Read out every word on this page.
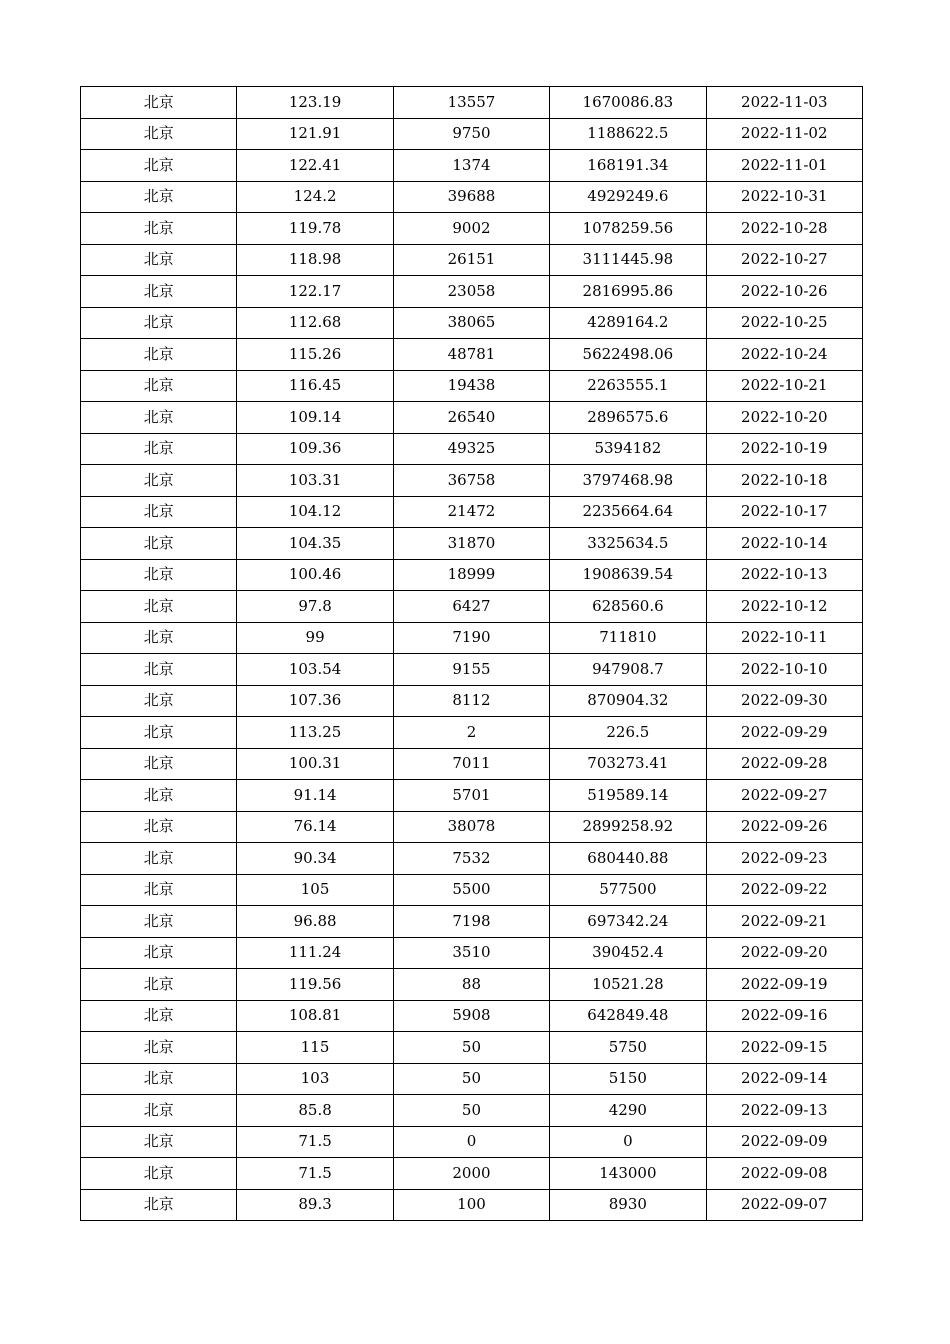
北京	123.19	13557	1670086.83	2022-11-03
北京	121.91	9750	1188622.5	2022-11-02
北京	122.41	1374	168191.34	2022-11-01
北京	124.2	39688	4929249.6	2022-10-31
北京	119.78	9002	1078259.56	2022-10-28
北京	118.98	26151	3111445.98	2022-10-27
北京	122.17	23058	2816995.86	2022-10-26
北京	112.68	38065	4289164.2	2022-10-25
北京	115.26	48781	5622498.06	2022-10-24
北京	116.45	19438	2263555.1	2022-10-21
北京	109.14	26540	2896575.6	2022-10-20
北京	109.36	49325	5394182	2022-10-19
北京	103.31	36758	3797468.98	2022-10-18
北京	104.12	21472	2235664.64	2022-10-17
北京	104.35	31870	3325634.5	2022-10-14
北京	100.46	18999	1908639.54	2022-10-13
北京	97.8	6427	628560.6	2022-10-12
北京	99	7190	711810	2022-10-11
北京	103.54	9155	947908.7	2022-10-10
北京	107.36	8112	870904.32	2022-09-30
北京	113.25	2	226.5	2022-09-29
北京	100.31	7011	703273.41	2022-09-28
北京	91.14	5701	519589.14	2022-09-27
北京	76.14	38078	2899258.92	2022-09-26
北京	90.34	7532	680440.88	2022-09-23
北京	105	5500	577500	2022-09-22
北京	96.88	7198	697342.24	2022-09-21
北京	111.24	3510	390452.4	2022-09-20
北京	119.56	88	10521.28	2022-09-19
北京	108.81	5908	642849.48	2022-09-16
北京	115	50	5750	2022-09-15
北京	103	50	5150	2022-09-14
北京	85.8	50	4290	2022-09-13
北京	71.5	0	0	2022-09-09
北京	71.5	2000	143000	2022-09-08
北京	89.3	100	8930	2022-09-07
